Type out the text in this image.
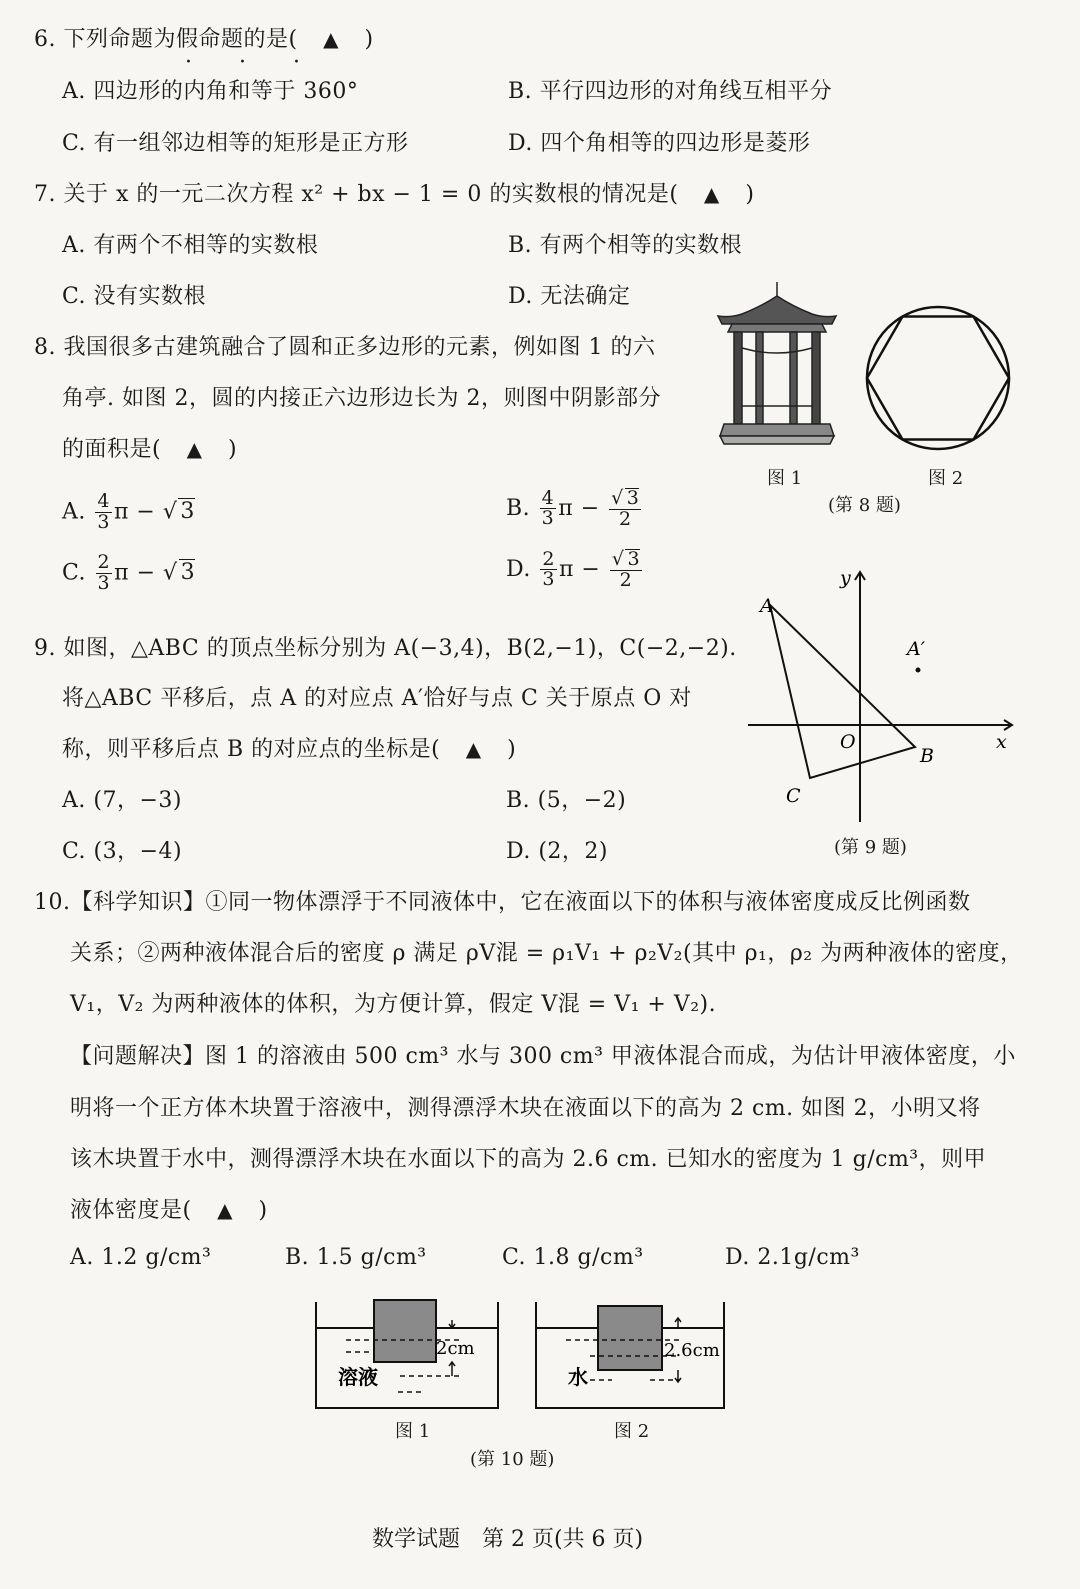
6. 下列命题为假命题的是( ▲ )
· · ·
A. 四边形的内角和等于 360°	B. 平行四边形的对角线互相平分
C. 有一组邻边相等的矩形是正方形	D. 四个角相等的四边形是菱形
7. 关于 x 的一元二次方程 x² + bx − 1 = 0 的实数根的情况是( ▲ )
A. 有两个不相等的实数根	B. 有两个相等的实数根
C. 没有实数根	D. 无法确定
8. 我国很多古建筑融合了圆和正多边形的元素，例如图 1 的六
角亭. 如图 2，圆的内接正六边形边长为 2，则图中阴影部分
的面积是( ▲ )
图 1	图 2
(第 8 题)
A. $\frac{4}{3}$ π − √ 3	B. $\frac{4}{3}$ $\pi - \frac{√ 3}{2}$
C. $\frac{2}{3}$ π − √ 3	D. $\frac{2}{3}$ $\pi - \frac{√ 3}{2}$
9. 如图，△ABC 的顶点坐标分别为 A(−3,4)，B(2,−1)，C(−2,−2).
将△ABC 平移后，点 A 的对应点 A′恰好与点 C 关于原点 O 对
称，则平移后点 B 的对应点的坐标是( ▲ )
A. (7，−3)	B. (5，−2)
C. (3，−4)	D. (2，2)
A
B
C
O
A′
x
y
(第 9 题)
10.【科学知识】①同一物体漂浮于不同液体中，它在液面以下的体积与液体密度成反比例函数
关系；②两种液体混合后的密度 ρ 满足 ρV混 = ρ₁V₁ + ρ₂V₂(其中 ρ₁，ρ₂ 为两种液体的密度，
V₁，V₂ 为两种液体的体积，为方便计算，假定 V混 = V₁ + V₂).
【问题解决】图 1 的溶液由 500 cm³ 水与 300 cm³ 甲液体混合而成，为估计甲液体密度，小
明将一个正方体木块置于溶液中，测得漂浮木块在液面以下的高为 2 cm. 如图 2，小明又将
该木块置于水中，测得漂浮木块在水面以下的高为 2.6 cm. 已知水的密度为 1 g/cm³，则甲
液体密度是( ▲ )
A. 1.2 g/cm³	B. 1.5 g/cm³	C. 1.8 g/cm³	D. 2.1g/cm³
2cm
溶液
2.6cm
水
图 1	图 2
(第 10 题)
数学试题　第 2 页(共 6 页)
